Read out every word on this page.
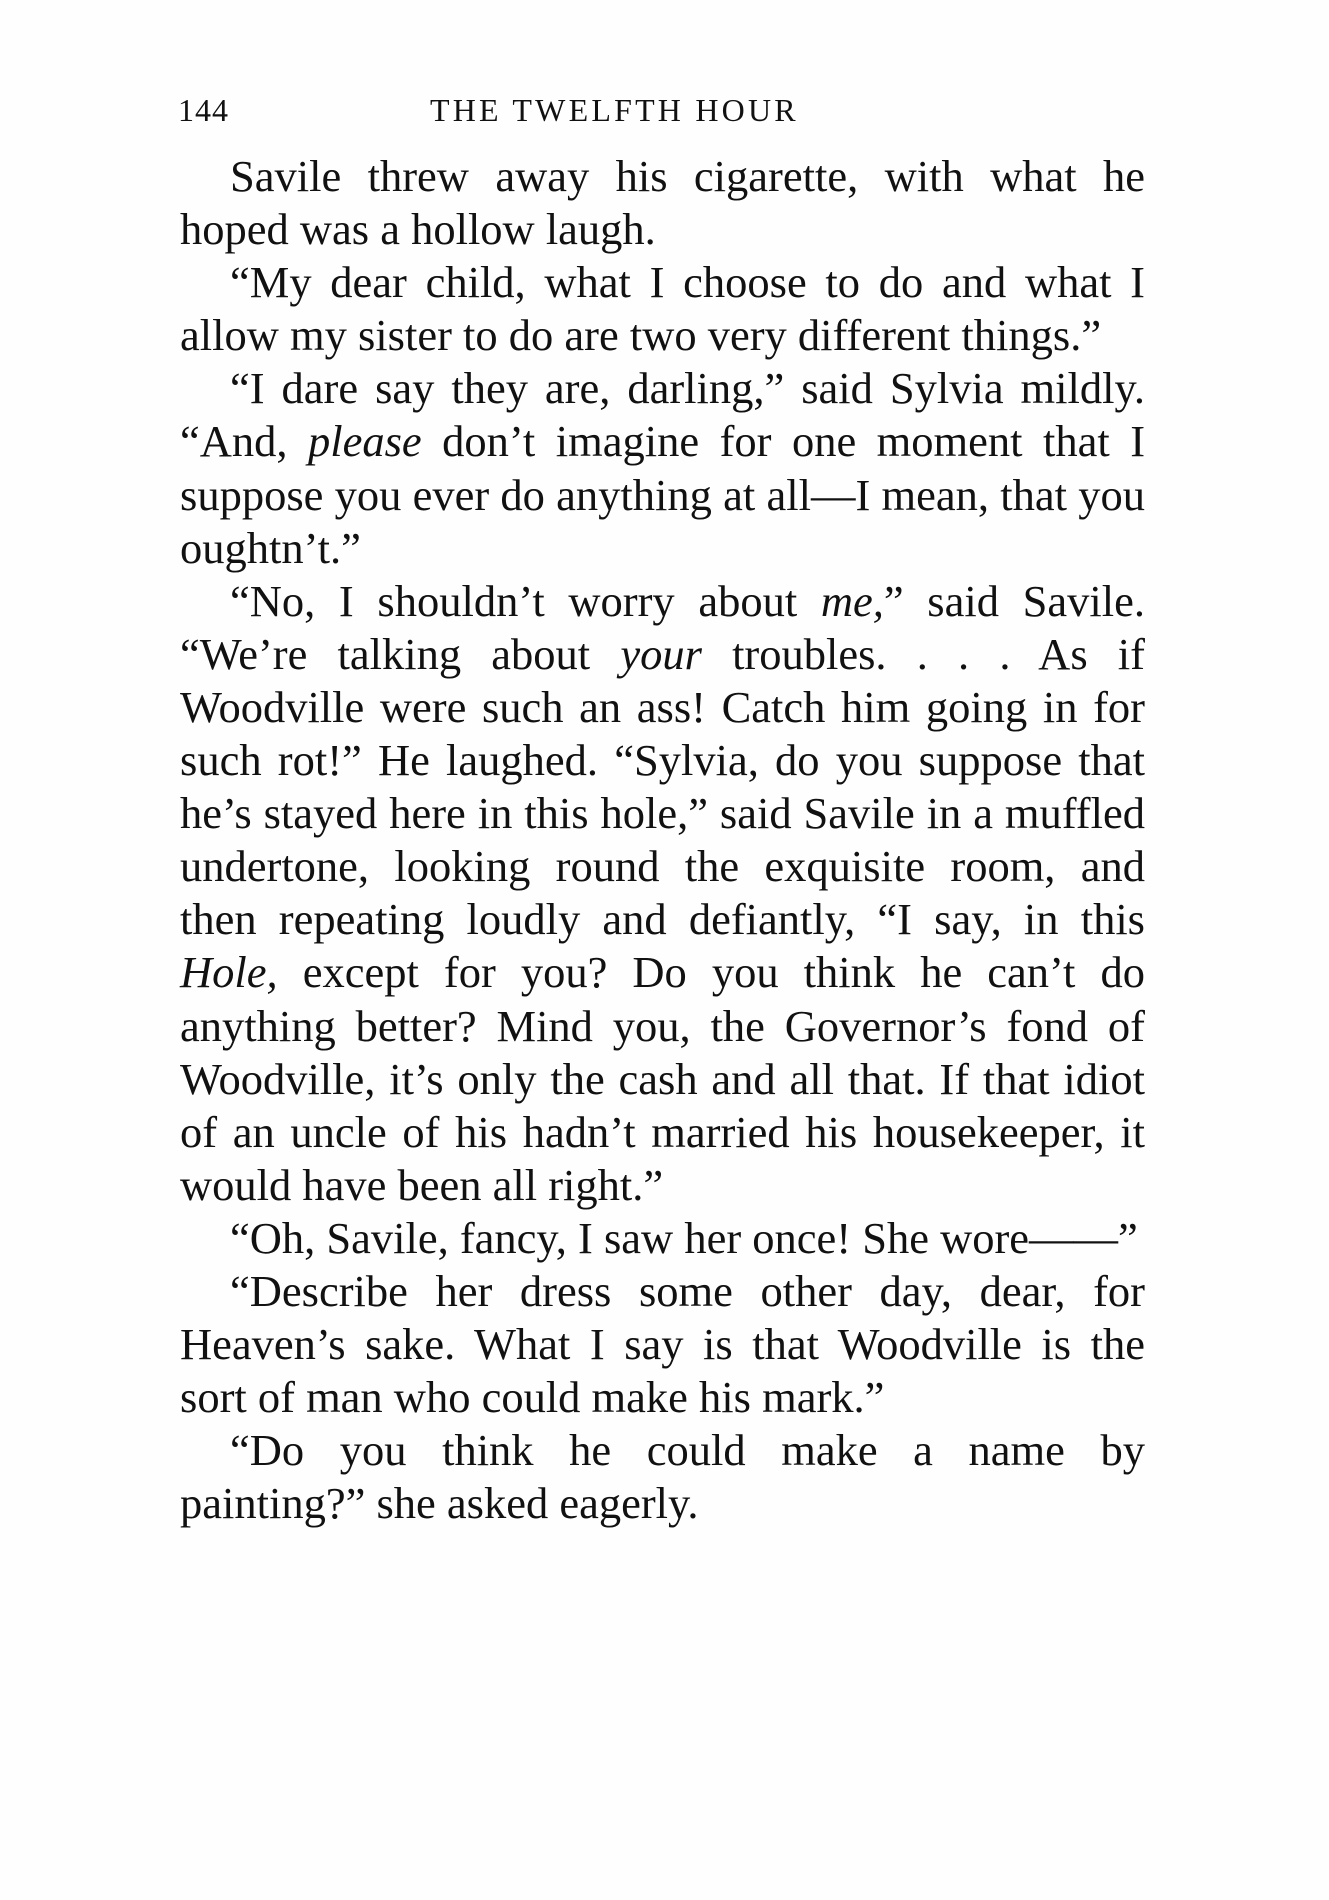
144	THE TWELFTH HOUR

Savile threw away his cigarette, with what he hoped was a hollow laugh.

“My dear child, what I choose to do and what I allow my sister to do are two very different things.”

“I dare say they are, darling,” said Sylvia mildly. “And, please don’t imagine for one moment that I suppose you ever do anything at all—I mean, that you oughtn’t.”

“No, I shouldn’t worry about me,” said Savile. “We’re talking about your troubles. . . . As if Woodville were such an ass! Catch him going in for such rot!” He laughed. “Sylvia, do you suppose that he’s stayed here in this hole,” said Savile in a muffled undertone, looking round the exquisite room, and then repeating loudly and defiantly, “I say, in this Hole, except for you? Do you think he can’t do anything better? Mind you, the Governor’s fond of Woodville, it’s only the cash and all that. If that idiot of an uncle of his hadn’t married his housekeeper, it would have been all right.”

“Oh, Savile, fancy, I saw her once! She wore——”

“Describe her dress some other day, dear, for Heaven’s sake. What I say is that Woodville is the sort of man who could make his mark.”

“Do you think he could make a name by painting?” she asked eagerly.
